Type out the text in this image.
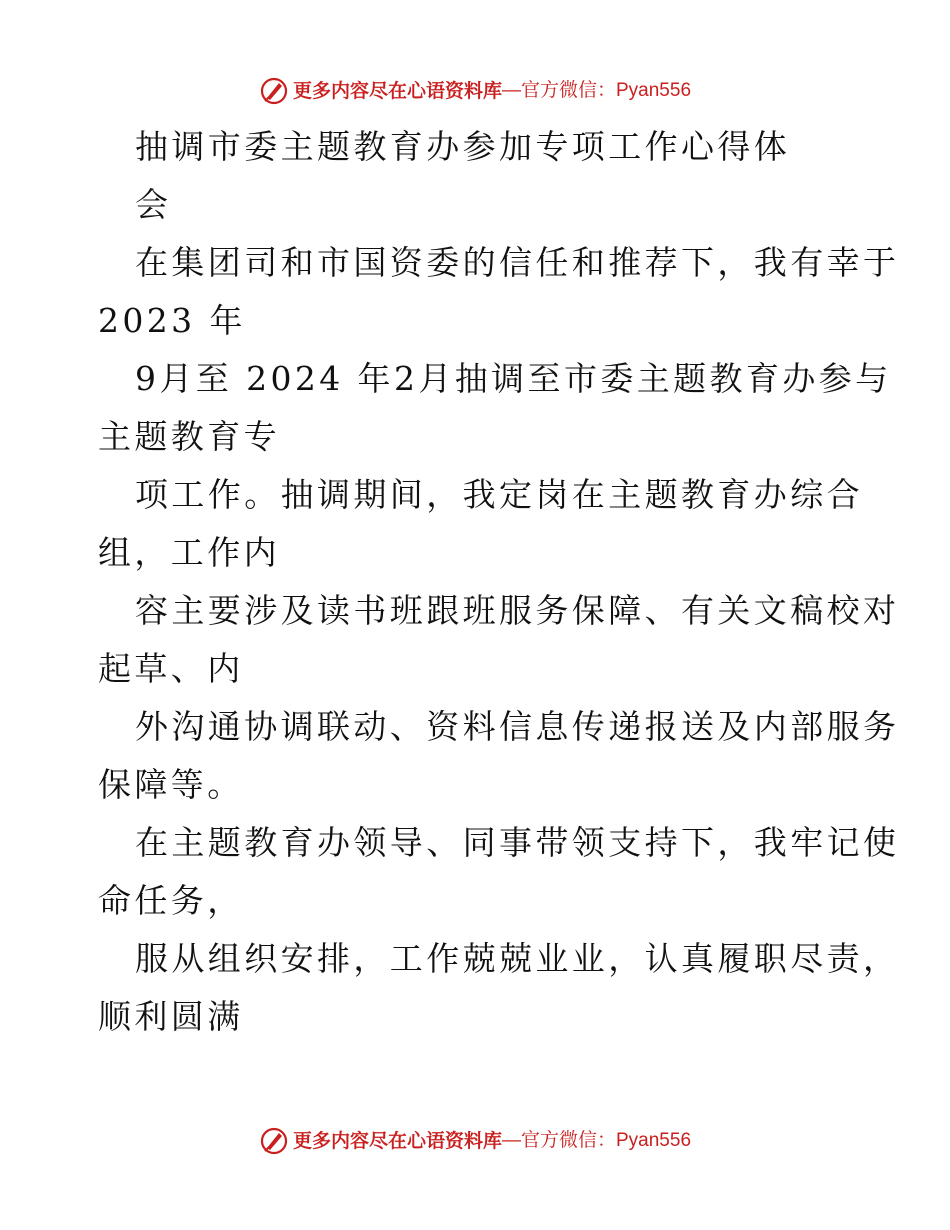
更多内容尽在心语资料库—官方微信：Pyan556
抽调市委主题教育办参加专项工作心得体
会
在集团司和市国资委的信任和推荐下，我有幸于
2023 年
9月至 2024 年2月抽调至市委主题教育办参与
主题教育专
项工作。抽调期间，我定岗在主题教育办综合
组，工作内
容主要涉及读书班跟班服务保障、有关文稿校对
起草、内
外沟通协调联动、资料信息传递报送及内部服务
保障等。
在主题教育办领导、同事带领支持下，我牢记使
命任务，
服从组织安排，工作兢兢业业，认真履职尽责，
顺利圆满
更多内容尽在心语资料库—官方微信：Pyan556
